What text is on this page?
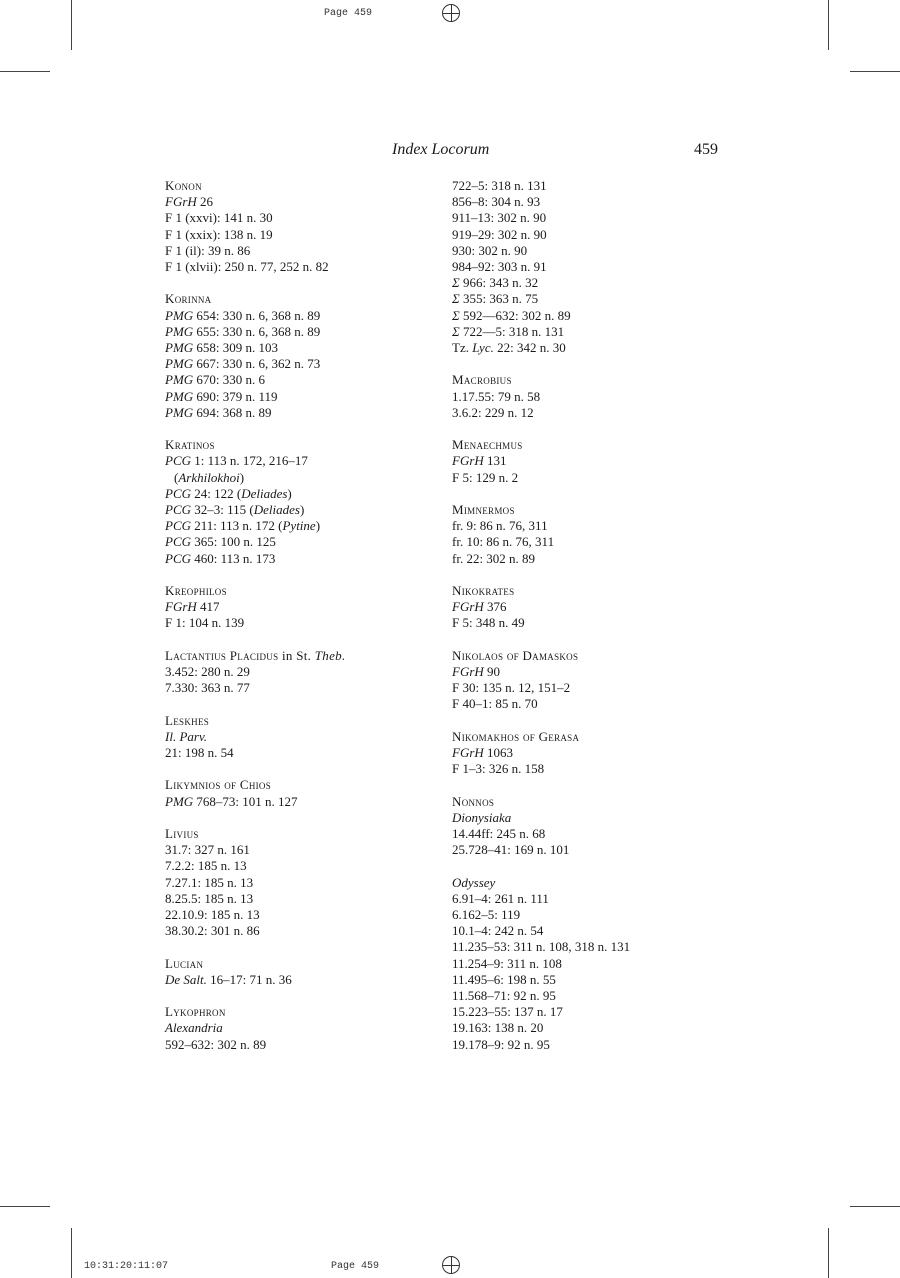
Page 459
10:31:20:11:07	Page 459
Index Locorum	459
Konon
FGrH 26
F 1 (xxvi): 141 n. 30
F 1 (xxix): 138 n. 19
F 1 (il): 39 n. 86
F 1 (xlvii): 250 n. 77, 252 n. 82
Korinna
PMG 654: 330 n. 6, 368 n. 89
PMG 655: 330 n. 6, 368 n. 89
PMG 658: 309 n. 103
PMG 667: 330 n. 6, 362 n. 73
PMG 670: 330 n. 6
PMG 690: 379 n. 119
PMG 694: 368 n. 89
Kratinos
PCG 1: 113 n. 172, 216–17
(Arkhilokhoi)
PCG 24: 122 (Deliades)
PCG 32–3: 115 (Deliades)
PCG 211: 113 n. 172 (Pytine)
PCG 365: 100 n. 125
PCG 460: 113 n. 173
Kreophilos
FGrH 417
F 1: 104 n. 139
Lactantius Placidus in St. Theb.
3.452: 280 n. 29
7.330: 363 n. 77
Leskhes
Il. Parv.
21: 198 n. 54
Likymnios of Chios
PMG 768–73: 101 n. 127
Livius
31.7: 327 n. 161
7.2.2: 185 n. 13
7.27.1: 185 n. 13
8.25.5: 185 n. 13
22.10.9: 185 n. 13
38.30.2: 301 n. 86
Lucian
De Salt. 16–17: 71 n. 36
Lykophron
Alexandria
592–632: 302 n. 89
722–5: 318 n. 131
856–8: 304 n. 93
911–13: 302 n. 90
919–29: 302 n. 90
930: 302 n. 90
984–92: 303 n. 91
Σ 966: 343 n. 32
Σ 355: 363 n. 75
Σ 592—632: 302 n. 89
Σ 722—5: 318 n. 131
Tz. Lyc. 22: 342 n. 30
Macrobius
1.17.55: 79 n. 58
3.6.2: 229 n. 12
Menaechmus
FGrH 131
F 5: 129 n. 2
Mimnermos
fr. 9: 86 n. 76, 311
fr. 10: 86 n. 76, 311
fr. 22: 302 n. 89
Nikokrates
FGrH 376
F 5: 348 n. 49
Nikolaos of Damaskos
FGrH 90
F 30: 135 n. 12, 151–2
F 40–1: 85 n. 70
Nikomakhos of Gerasa
FGrH 1063
F 1–3: 326 n. 158
Nonnos
Dionysiaka
14.44ff: 245 n. 68
25.728–41: 169 n. 101
Odyssey
6.91–4: 261 n. 111
6.162–5: 119
10.1–4: 242 n. 54
11.235–53: 311 n. 108, 318 n. 131
11.254–9: 311 n. 108
11.495–6: 198 n. 55
11.568–71: 92 n. 95
15.223–55: 137 n. 17
19.163: 138 n. 20
19.178–9: 92 n. 95
